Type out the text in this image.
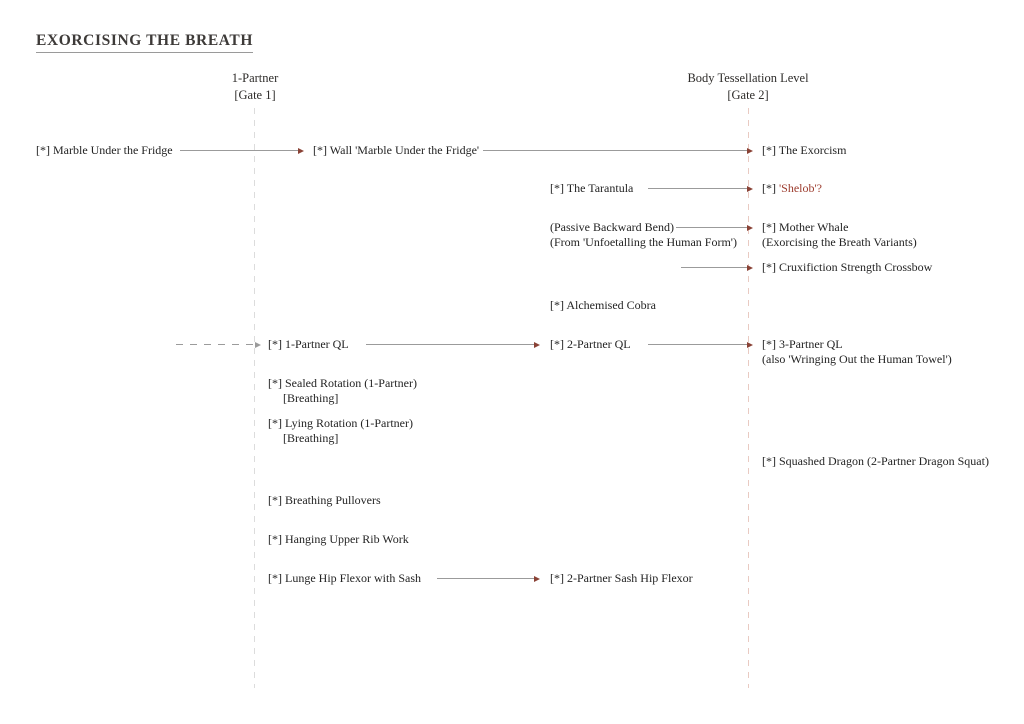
EXORCISING THE BREATH
1-Partner
[Gate 1]
Body Tessellation Level
[Gate 2]
[*] Marble Under the Fridge	[*] Wall 'Marble Under the Fridge'	[*] The Exorcism
[*] The Tarantula	[*] 'Shelob'?
(Passive Backward Bend)
(From 'Unfoetalling the Human Form')
[*] Mother Whale
(Exorcising the Breath Variants)
[*] Cruxifiction Strength Crossbow
[*] Alchemised Cobra
[*] 1-Partner QL	[*] 2-Partner QL	[*] 3-Partner QL
(also 'Wringing Out the Human Towel')
[*] Sealed Rotation (1-Partner)
[Breathing]
[*] Lying Rotation (1-Partner)
[Breathing]
[*] Squashed Dragon (2-Partner Dragon Squat)
[*] Breathing Pullovers
[*] Hanging Upper Rib Work
[*] Lunge Hip Flexor with Sash	[*] 2-Partner Sash Hip Flexor
